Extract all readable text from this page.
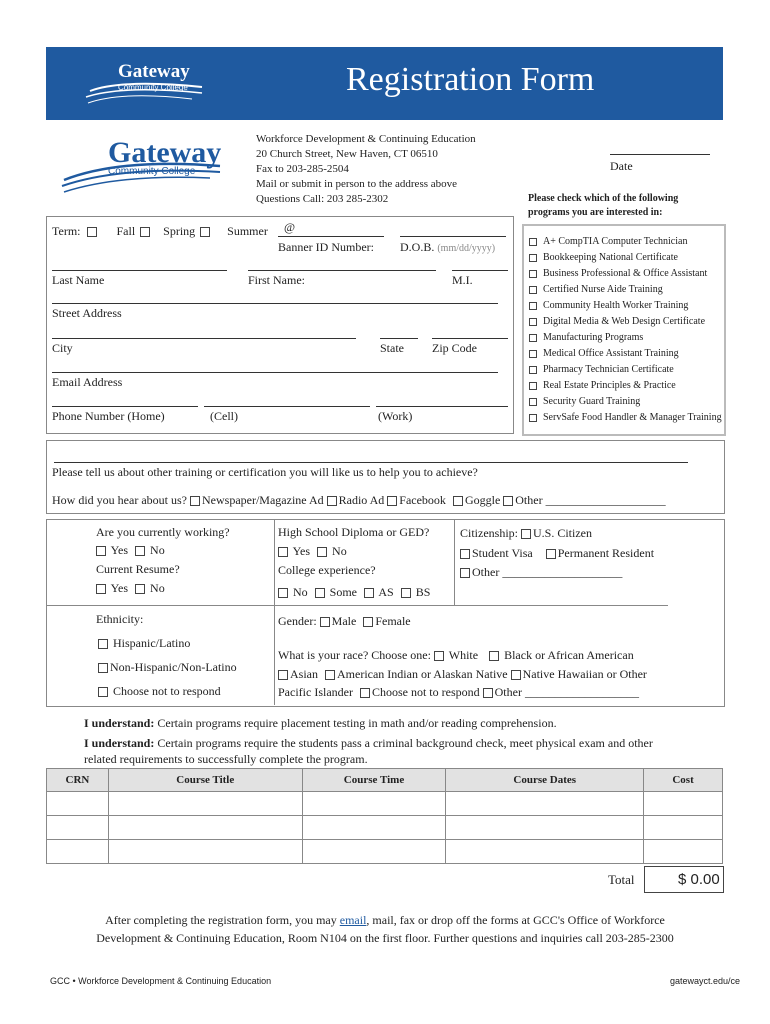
Gateway
Community College	Registration Form
Gateway
Community College
Workforce Development & Continuing Education
20 Church Street, New Haven, CT 06510
Fax to 203-285-2504
Mail or submit in person to the address above
Questions Call: 203 285-2302
Date
Term:	Fall Spring	Summer @
Banner ID Number: D.O.B. (mm/dd/yyyy)
Last Name	First Name:	M.I.
Street Address
City	State Zip Code
Email Address
Phone Number (Home)	(Cell)	(Work)
Please check which of the following programs you are interested in:
A+ CompTIA Computer Technician
Bookkeeping National Certificate
Business Professional & Office Assistant
Certified Nurse Aide Training
Community Health Worker Training
Digital Media & Web Design Certificate
Manufacturing Programs
Medical Office Assistant Training
Pharmacy Technician Certificate
Real Estate Principles & Practice
Security Guard Training
ServSafe Food Handler & Manager Training
Please tell us about other training or certification you will like us to help you to achieve?
How did you hear about us? Newspaper/Magazine Ad Radio Ad Facebook Goggle Other ____________________
Are you currently working?
Yes No
Current Resume?
Yes No
High School Diploma or GED?
Yes No
College experience?
No Some AS BS
Citizenship: U.S. Citizen
Student Visa Permanent Resident
Other ____________________
Ethnicity:
Hispanic/Latino
Non-Hispanic/Non-Latino
Choose not to respond
Gender: Male Female
What is your race? Choose one: White Black or African American
Asian American Indian or Alaskan Native Native Hawaiian or Other
Pacific Islander Choose not to respond Other ___________________
I understand: Certain programs require placement testing in math and/or reading comprehension.
I understand: Certain programs require the students pass a criminal background check, meet physical exam and other
related requirements to successfully complete the program.
CRN	Course Title	Course Time	Course Dates	Cost

Total	$ 0.00
After completing the registration form, you may email, mail, fax or drop off the forms at GCC's Office of Workforce
Development & Continuing Education, Room N104 on the first floor. Further questions and inquiries call 203-285-2300
GCC • Workforce Development & Continuing Education	gatewayct.edu/ce
